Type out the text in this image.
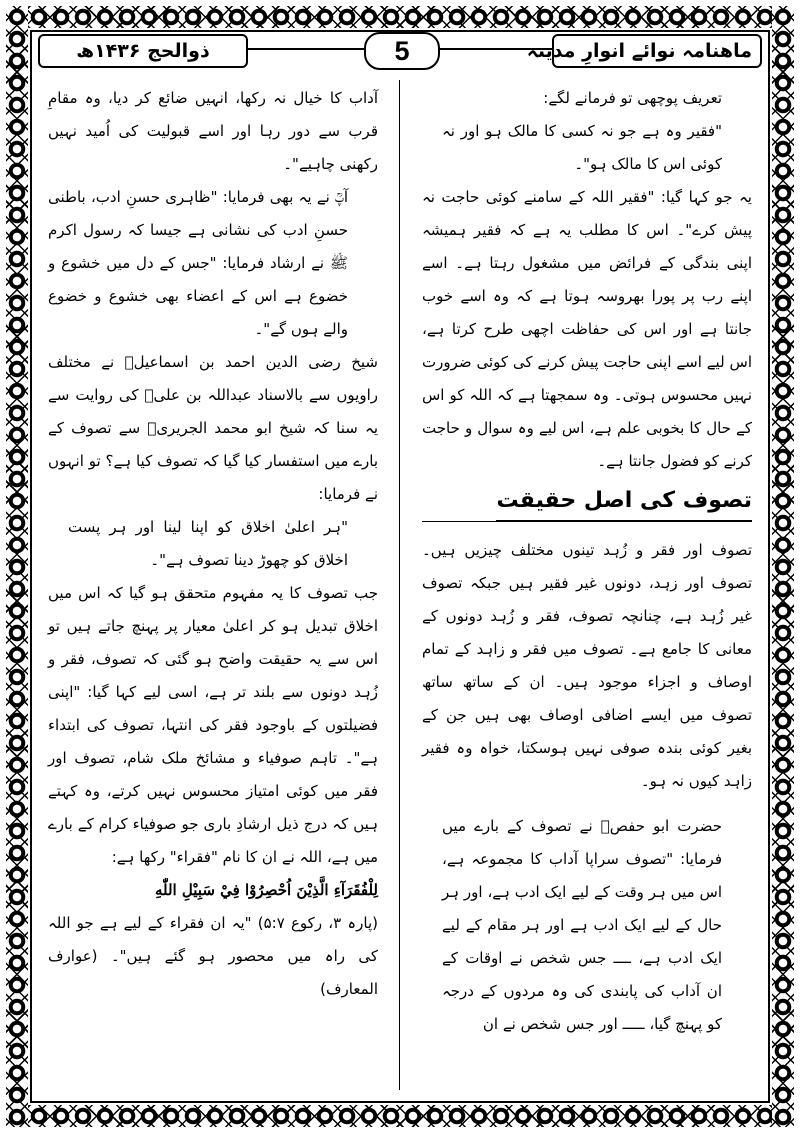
ماهنامہ نوائے انوارِ مدینہ
5
ذوالحج ۱۴۳۶ھ

تعریف پوچھی تو فرمانے لگے:

"فقیر وہ ہے جو نہ کسی کا مالک ہو اور نہ کوئی اس کا مالک ہو"۔

یہ جو کہا گیا: "فقیر اللہ کے سامنے کوئی حاجت نہ پیش کرے"۔ اس کا مطلب یہ ہے کہ فقیر ہمیشہ اپنی بندگی کے فرائض میں مشغول رہتا ہے۔ اسے اپنے رب پر پورا بھروسہ ہوتا ہے کہ وہ اسے خوب جانتا ہے اور اس کی حفاظت اچھی طرح کرتا ہے، اس لیے اسے اپنی حاجت پیش کرنے کی کوئی ضرورت نہیں محسوس ہوتی۔ وہ سمجھتا ہے کہ اللہ کو اس کے حال کا بخوبی علم ہے، اس لیے وہ سوال و حاجت کرنے کو فضول جانتا ہے۔

تصوف کی اصل حقیقت

تصوف اور فقر و زُہد تینوں مختلف چیزیں ہیں۔ تصوف اور زہد، دونوں غیر فقیر ہیں جبکہ تصوف غیر زُہد ہے، چنانچہ تصوف، فقر و زُہد دونوں کے معانی کا جامع ہے۔ تصوف میں فقر و زاہد کے تمام اوصاف و اجزاء موجود ہیں۔ ان کے ساتھ ساتھ تصوف میں ایسے اضافی اوصاف بھی ہیں جن کے بغیر کوئی بندہ صوفی نہیں ہوسکتا، خواہ وہ فقیر زاہد کیوں نہ ہو۔

حضرت ابو حفصؒ نے تصوف کے بارے میں فرمایا: "تصوف سراپا آداب کا مجموعہ ہے، اس میں ہر وقت کے لیے ایک ادب ہے، اور ہر حال کے لیے ایک ادب ہے اور ہر مقام کے لیے ایک ادب ہے، ــــ جس شخص نے اوقات کے ان آداب کی پابندی کی وہ مردوں کے درجہ کو پہنچ گیا، ـــــ اور جس شخص نے ان

آداب کا خیال نہ رکھا، انہیں ضائع کر دیا، وہ مقامِ قرب سے دور رہا اور اسے قبولیت کی اُمید نہیں رکھنی چاہیے"۔

آپؒ نے یہ بھی فرمایا: "ظاہری حسنِ ادب، باطنی حسنِ ادب کی نشانی ہے جیسا کہ رسول اکرم ﷺ نے ارشاد فرمایا: "جس کے دل میں خشوع و خضوع ہے اس کے اعضاء بھی خشوع و خضوع والے ہوں گے"۔

شیخ رضی الدین احمد بن اسماعیلؒ نے مختلف راویوں سے بالاسناد عبداللہ بن علیؒ کی روایت سے یہ سنا کہ شیخ ابو محمد الجریریؒ سے تصوف کے بارے میں استفسار کیا گیا کہ تصوف کیا ہے؟ تو انہوں نے فرمایا:

"ہر اعلیٰ اخلاق کو اپنا لینا اور ہر پست اخلاق کو چھوڑ دینا تصوف ہے"۔

جب تصوف کا یہ مفہوم متحقق ہو گیا کہ اس میں اخلاق تبدیل ہو کر اعلیٰ معیار پر پہنچ جاتے ہیں تو اس سے یہ حقیقت واضح ہو گئی کہ تصوف، فقر و زُہد دونوں سے بلند تر ہے، اسی لیے کہا گیا: "اپنی فضیلتوں کے باوجود فقر کی انتہا، تصوف کی ابتداء ہے"۔ تاہم صوفیاء و مشائخ ملک شام، تصوف اور فقر میں کوئی امتیاز محسوس نہیں کرتے، وہ کہتے ہیں کہ درج ذیل ارشادِ باری جو صوفیاء کرام کے بارے میں ہے، اللہ نے ان کا نام "فقراء" رکھا ہے:

لِلْفُقَرَآءِ الَّذِيْنَ اُحْصِرُوْا فِيْ سَبِيْلِ اللّٰهِ

(پارہ ۳، رکوع ۵:۷) "یہ ان فقراء کے لیے ہے جو اللہ کی راہ میں محصور ہو گئے ہیں"۔ (عوارف المعارف)
